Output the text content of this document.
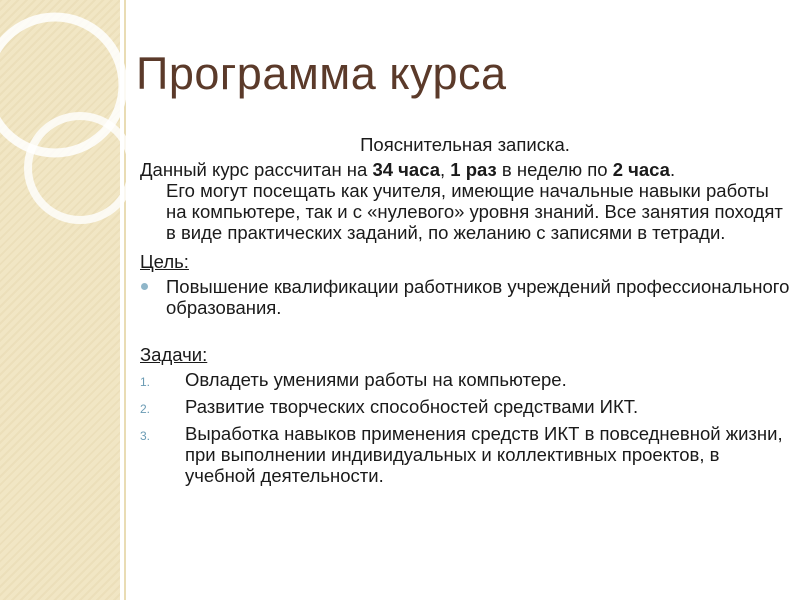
Программа курса

Пояснительная записка.

Данный курс рассчитан на 34 часа, 1 раз в неделю по 2 часа.
Его могут посещать как учителя, имеющие начальные навыки работы на компьютере, так и с «нулевого» уровня знаний. Все занятия походят в виде практических заданий, по желанию с записями в тетради.

Цель:

Повышение квалификации работников учреждений профессионального образования.

Задачи:

1. Овладеть умениями работы на компьютере.
2. Развитие творческих способностей средствами ИКТ.
3. Выработка навыков применения средств ИКТ в повседневной жизни, при выполнении индивидуальных и коллективных проектов, в учебной деятельности.
